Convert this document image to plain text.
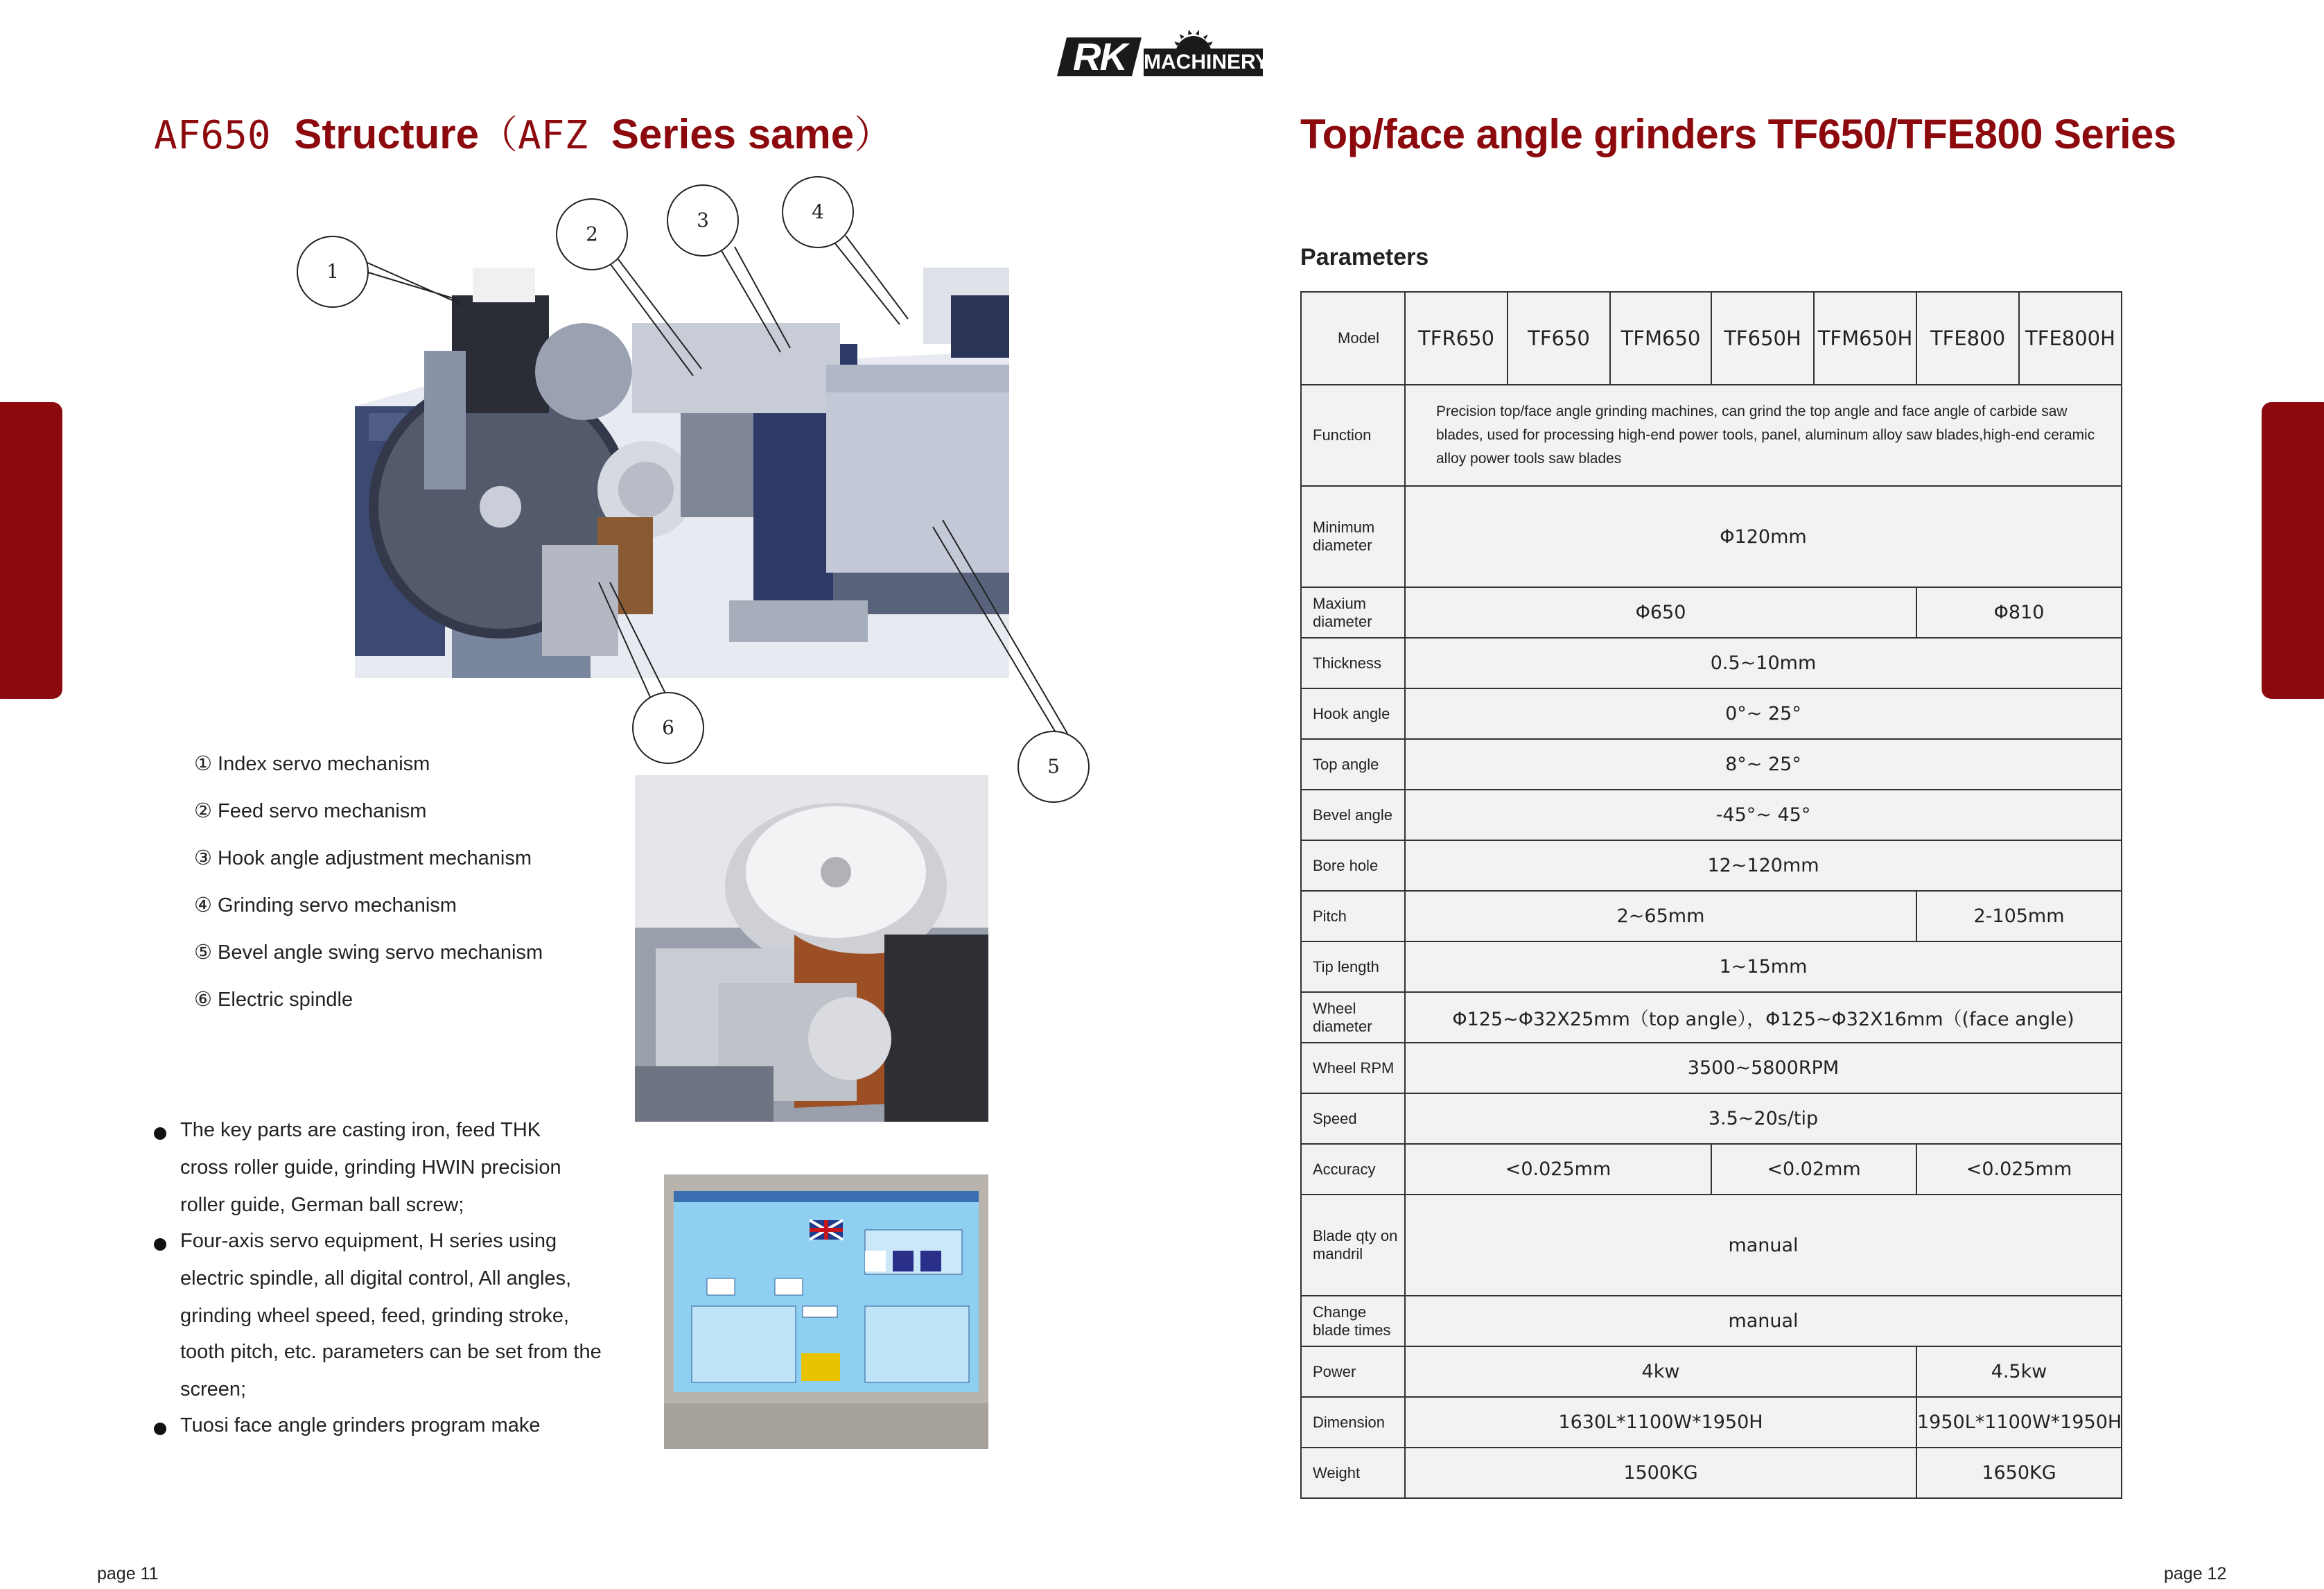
RK MACHINERY
AF650 Structure（AFZ Series same）	Top/face angle grinders TF650/TFE800 Series
1
2
3	4
5
6
① Index servo mechanism
② Feed servo mechanism
③ Hook angle adjustment mechanism
④ Grinding servo mechanism
⑤ Bevel angle swing servo mechanism
⑥ Electric spindle
The key parts are casting iron, feed THK
cross roller guide, grinding HWIN precision
roller guide, German ball screw;
Four-axis servo equipment, H series using
electric spindle, all digital control, All angles,
grinding wheel speed, feed, grinding stroke,
tooth pitch, etc. parameters can be set from the
screen;
Tuosi face angle grinders program make
Parameters
Model	TFR650	TF650	TFM650	TF650H	TFM650H	TFE800	TFE800H
Function	Precision top/face angle grinding machines, can grind the top angle and face angle of carbide saw blades, used for processing high-end power tools, panel, aluminum alloy saw blades,high-end ceramic alloy power tools saw blades						
Minimum diameter	Φ120mm						
Maxium diameter	Φ650					Φ810	
Thickness	0.5~10mm						
Hook angle	0°~ 25°						
Top angle	8°~ 25°						
Bevel angle	-45°~ 45°						
Bore hole	12~120mm						
Pitch	2~65mm					2-105mm	
Tip length	1~15mm						
Wheel diameter	Φ125~Φ32X25mm（top angle），Φ125~Φ32X16mm（(face angle)						
Wheel RPM	3500~5800RPM						
Speed	3.5~20s/tip						
Accuracy	<0.025mm			<0.02mm		<0.025mm	
Blade qty on mandril	manual						
Change blade times	manual						
Power	4kw					4.5kw	
Dimension	1630L*1100W*1950H					1950L*1100W*1950H	
Weight	1500KG					1650KG	
page 11	page 12
